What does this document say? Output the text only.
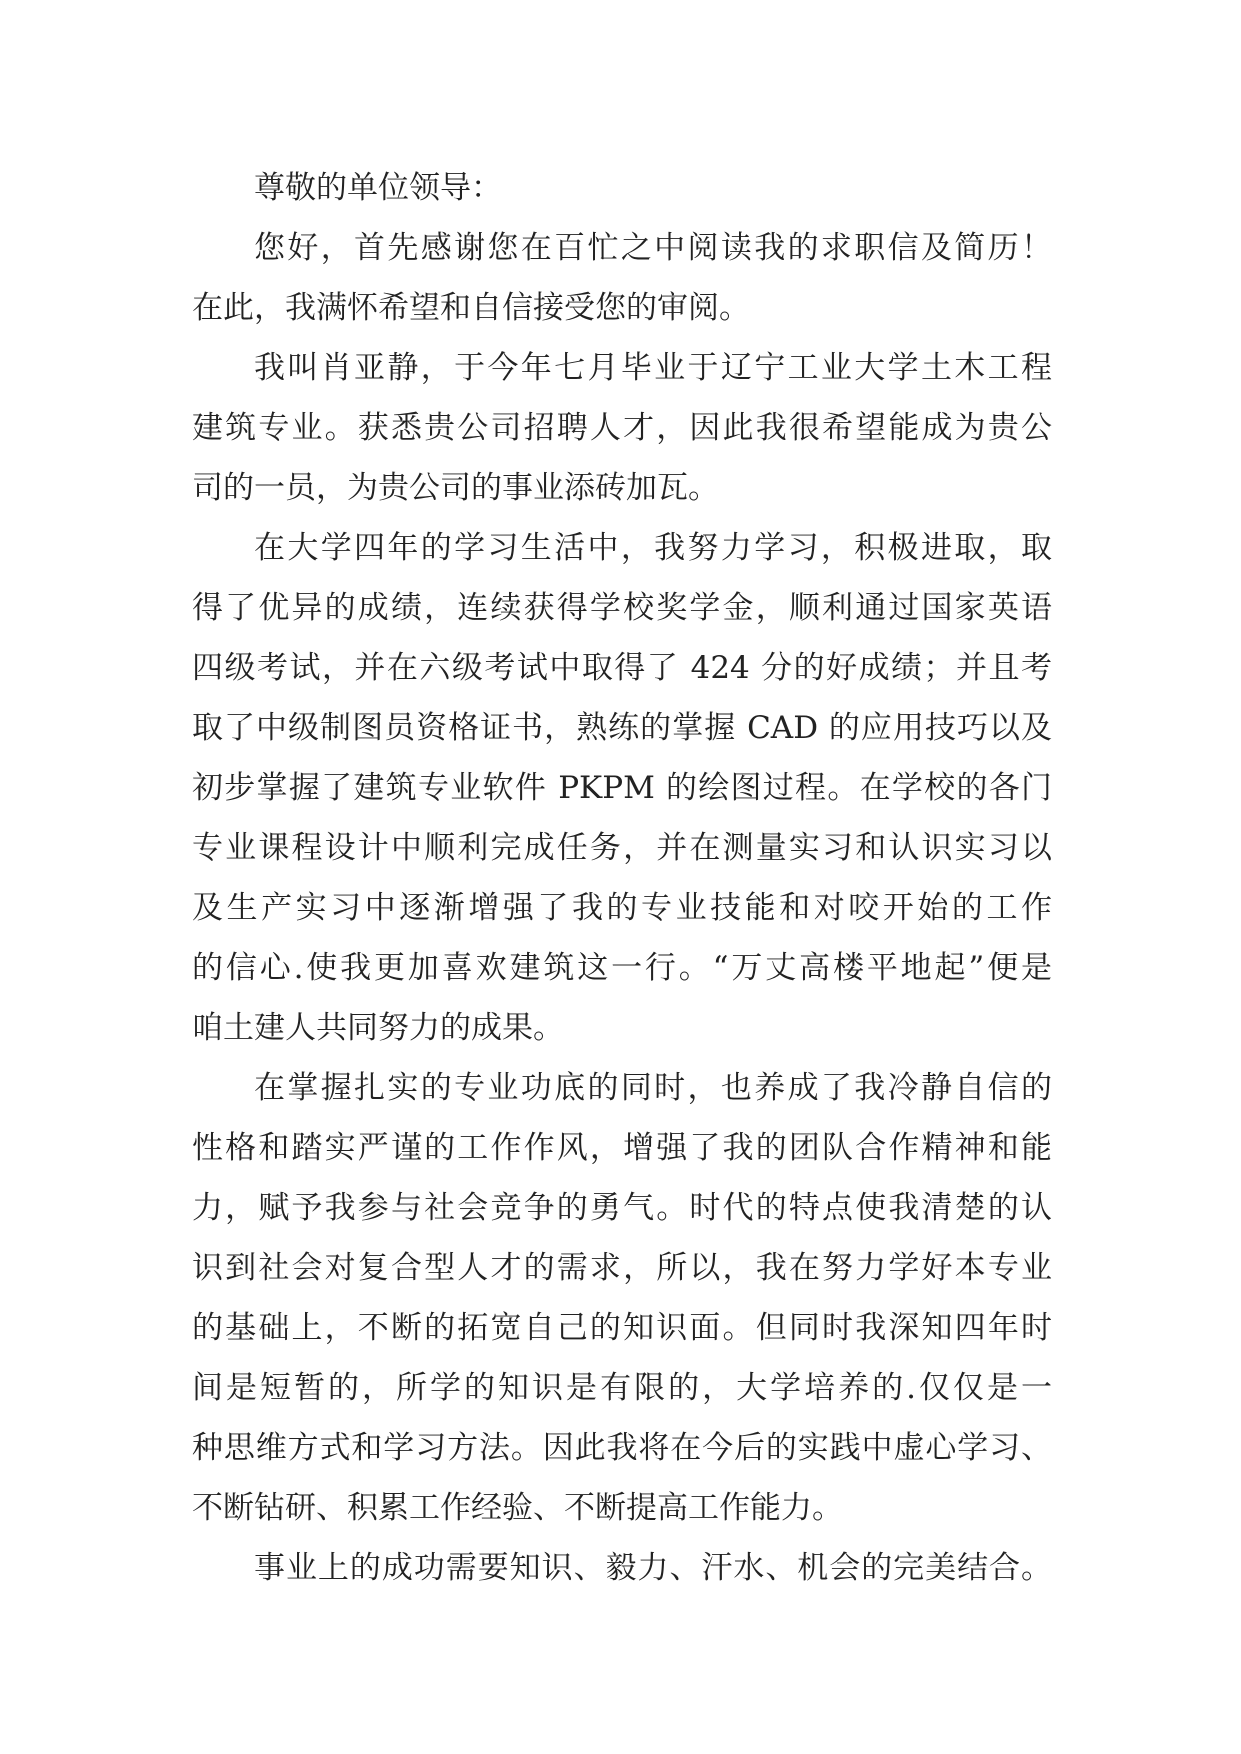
尊敬的单位领导：
您好，首先感谢您在百忙之中阅读我的求职信及简历！
在此，我满怀希望和自信接受您的审阅。
我叫肖亚静，于今年七月毕业于辽宁工业大学土木工程
建筑专业。获悉贵公司招聘人才，因此我很希望能成为贵公
司的一员，为贵公司的事业添砖加瓦。
在大学四年的学习生活中，我努力学习，积极进取，取
得了优异的成绩，连续获得学校奖学金，顺利通过国家英语
四级考试，并在六级考试中取得了 424 分的好成绩；并且考
取了中级制图员资格证书，熟练的掌握 CAD 的应用技巧以及
初步掌握了建筑专业软件 PKPM 的绘图过程。在学校的各门
专业课程设计中顺利完成任务，并在测量实习和认识实习以
及生产实习中逐渐增强了我的专业技能和对咬开始的工作
的信心.使我更加喜欢建筑这一行。“万丈高楼平地起”便是
咱土建人共同努力的成果。
在掌握扎实的专业功底的同时，也养成了我冷静自信的
性格和踏实严谨的工作作风，增强了我的团队合作精神和能
力，赋予我参与社会竞争的勇气。时代的特点使我清楚的认
识到社会对复合型人才的需求，所以，我在努力学好本专业
的基础上，不断的拓宽自己的知识面。但同时我深知四年时
间是短暂的，所学的知识是有限的，大学培养的.仅仅是一
种思维方式和学习方法。因此我将在今后的实践中虚心学习、
不断钻研、积累工作经验、不断提高工作能力。
事业上的成功需要知识、毅力、汗水、机会的完美结合。
